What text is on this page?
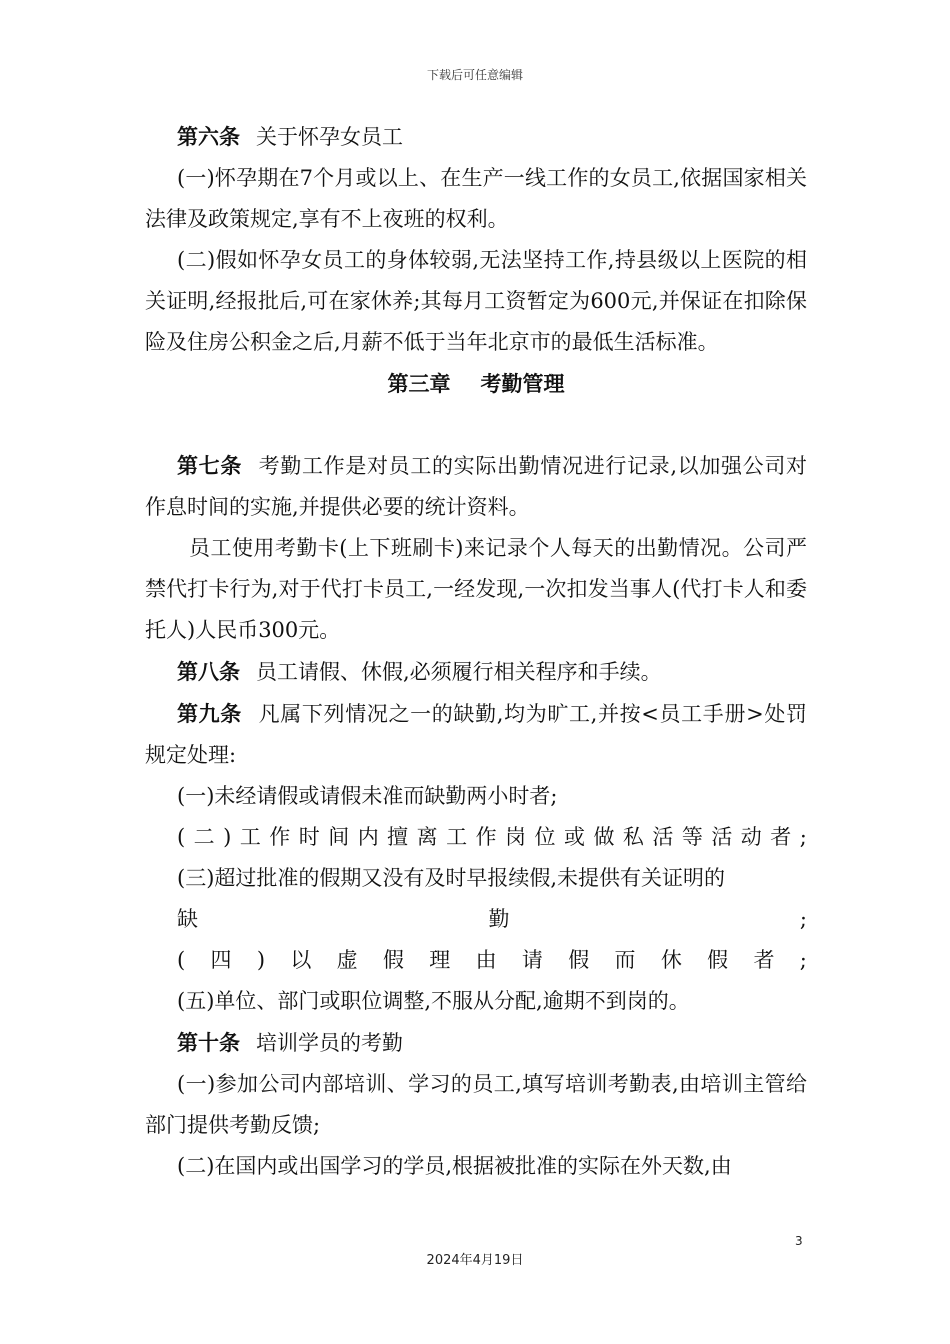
下载后可任意编辑

第六条 关于怀孕女员工

(一)怀孕期在7个月或以上、在生产一线工作的女员工,依据国家相关法律及政策规定,享有不上夜班的权利。

(二)假如怀孕女员工的身体较弱,无法坚持工作,持县级以上医院的相关证明,经报批后,可在家休养;其每月工资暂定为600元,并保证在扣除保险及住房公积金之后,月薪不低于当年北京市的最低生活标准。

第三章 考勤管理

第七条 考勤工作是对员工的实际出勤情况进行记录,以加强公司对作息时间的实施,并提供必要的统计资料。

员工使用考勤卡(上下班刷卡)来记录个人每天的出勤情况。公司严禁代打卡行为,对于代打卡员工,一经发现,一次扣发当事人(代打卡人和委托人)人民币300元。

第八条 员工请假、休假,必须履行相关程序和手续。

第九条 凡属下列情况之一的缺勤,均为旷工,并按<员工手册>处罚规定处理:

(一)未经请假或请假未准而缺勤两小时者;

( 二 ) 工 作 时 间 内 擅 离 工 作 岗 位 或 做 私 活 等 活 动 者 ;

(三)超过批准的假期又没有及时早报续假,未提供有关证明的

缺	勤	;
( 四 ) 以 虚 假 理 由 请 假 而 休 假 者 ;

(五)单位、部门或职位调整,不服从分配,逾期不到岗的。

第十条 培训学员的考勤

(一)参加公司内部培训、学习的员工,填写培训考勤表,由培训主管给部门提供考勤反馈;

(二)在国内或出国学习的学员,根据被批准的实际在外天数,由

3
2024年4月19日
